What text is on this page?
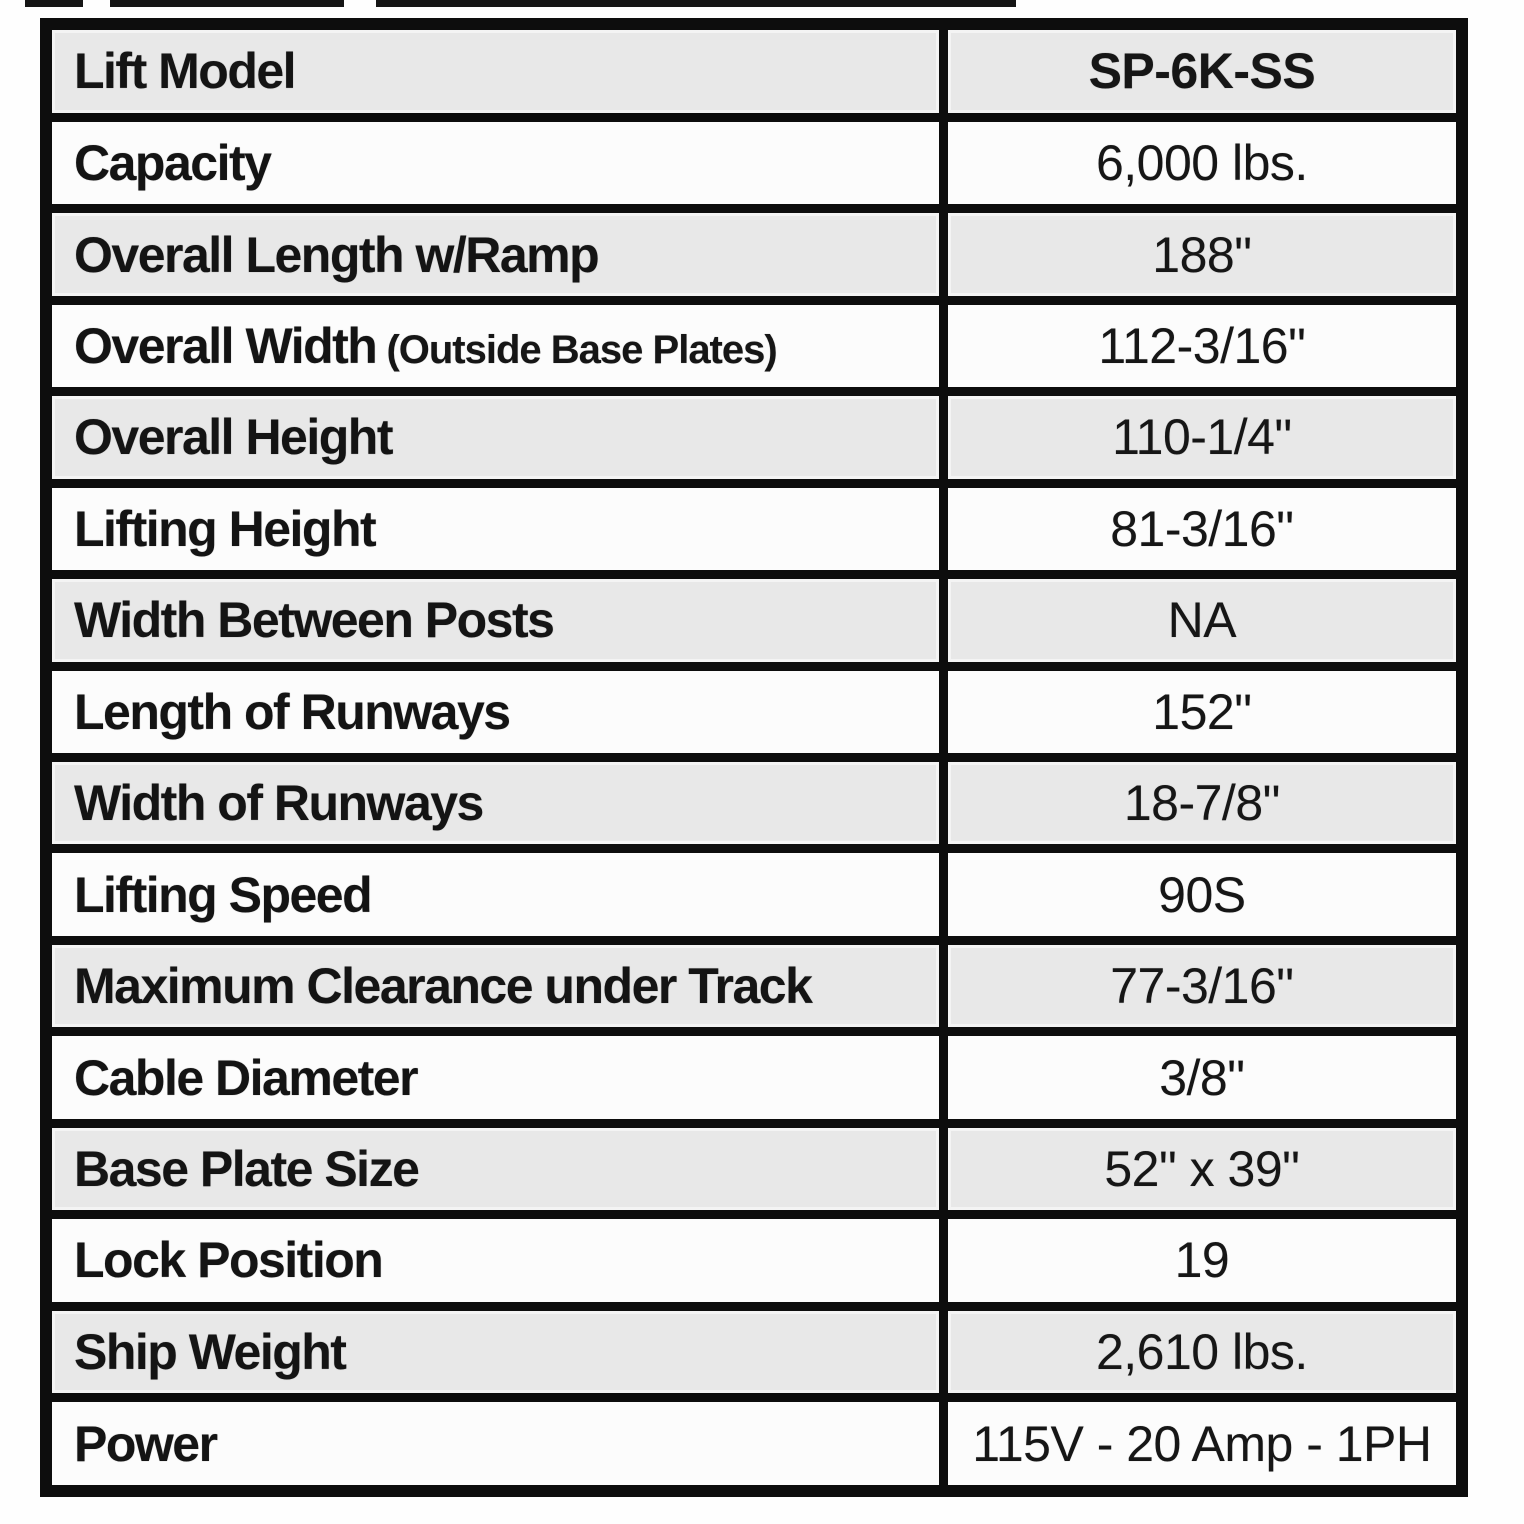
Lift Model	SP-6K-SS
Capacity	6,000 lbs.
Overall Length w/Ramp	188"
Overall Width (Outside Base Plates)	112-3/16"
Overall Height	110-1/4"
Lifting Height	81-3/16"
Width Between Posts	NA
Length of Runways	152"
Width of Runways	18-7/8"
Lifting Speed	90S
Maximum Clearance under Track	77-3/16"
Cable Diameter	3/8"
Base Plate Size	52" x 39"
Lock Position	19
Ship Weight	2,610 lbs.
Power	115V - 20 Amp - 1PH
